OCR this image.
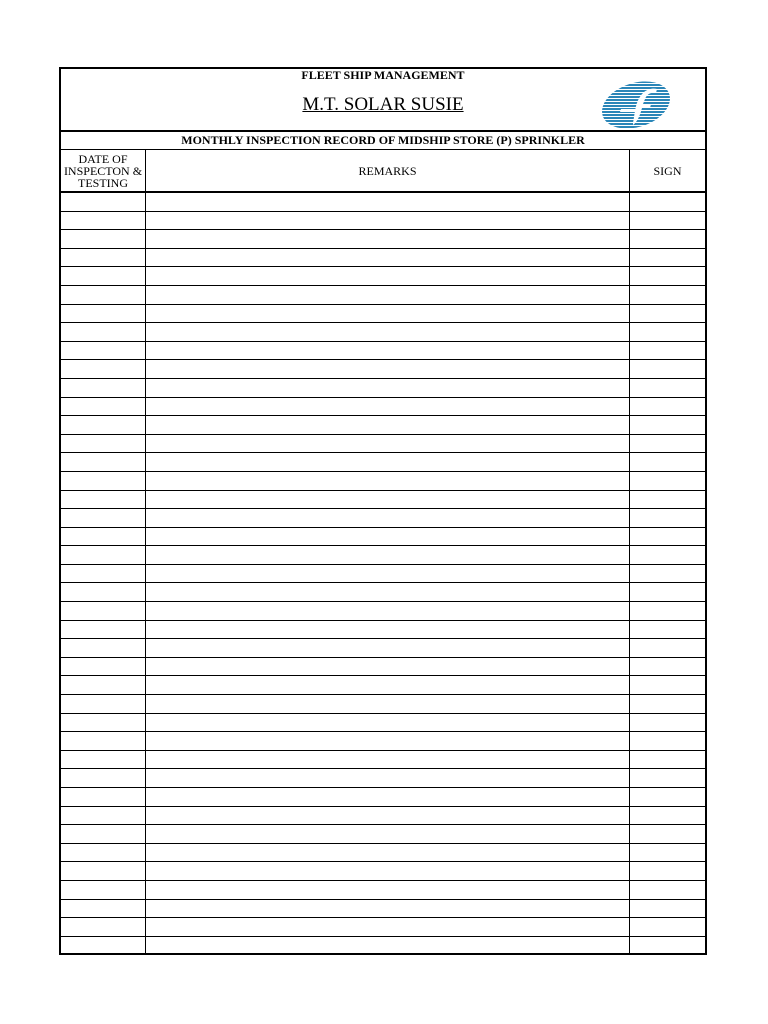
FLEET SHIP MANAGEMENT
M.T. SOLAR SUSIE
MONTHLY INSPECTION RECORD OF MIDSHIP STORE (P) SPRINKLER
DATE OF INSPECTON & TESTING
REMARKS	SIGN
